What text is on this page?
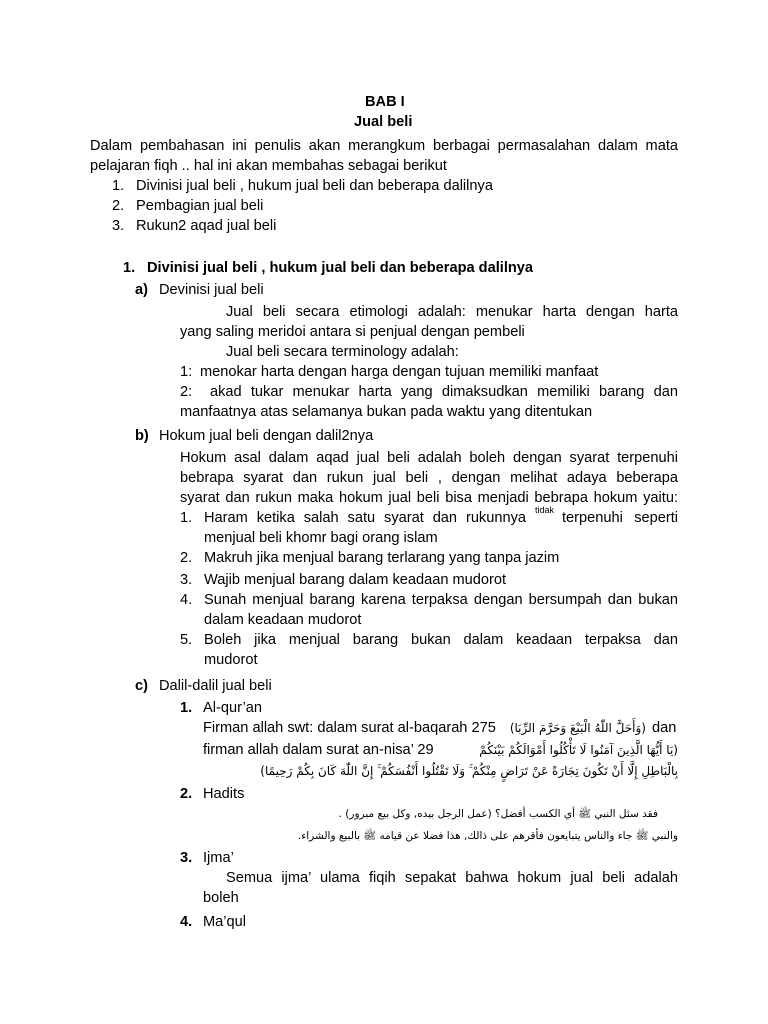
BAB I
Jual beli
Dalam pembahasan ini penulis akan merangkum berbagai permasalahan dalam mata
pelajaran fiqh .. hal ini akan membahas sebagai berikut
1. Divinisi jual beli , hukum jual beli dan beberapa dalilnya
2. Pembagian jual beli
3. Rukun2 aqad jual beli
1. Divinisi jual beli , hukum jual beli dan beberapa dalilnya
a) Devinisi jual beli
Jual beli secara etimologi adalah: menukar harta dengan harta
yang saling meridoi antara si penjual dengan pembeli
Jual beli secara terminology adalah:
1: menokar harta dengan harga dengan tujuan memiliki manfaat
2: akad tukar menukar harta yang dimaksudkan memiliki barang dan
manfaatnya atas selamanya bukan pada waktu yang ditentukan
b) Hokum jual beli dengan dalil2nya
Hokum asal dalam aqad jual beli adalah boleh dengan syarat terpenuhi
bebrapa syarat dan rukun jual beli , dengan melihat adaya beberapa
syarat dan rukun maka hokum jual beli bisa menjadi bebrapa hokum yaitu:
1. Haram ketika salah satu syarat dan rukunnya tidak terpenuhi seperti
menjual beli khomr bagi orang islam
2. Makruh jika menjual barang terlarang yang tanpa jazim
3. Wajib menjual barang dalam keadaan mudorot
4. Sunah menjual barang karena terpaksa dengan bersumpah dan bukan
dalam keadaan mudorot
5. Boleh jika menjual barang bukan dalam keadaan terpaksa dan
mudorot
c) Dalil-dalil jual beli
1. Al-qur’an
Firman allah swt: dalam surat al-baqarah 275 (وَأَحَلَّ اللّٰهُ الْبَيْعَ وَحَرَّمَ الرِّبَا) dan
firman allah dalam surat an-nisa’ 29	(يَا أَيُّهَا الَّذِينَ آمَنُوا لَا تَأْكُلُوا أَمْوَالَكُمْ بَيْنَكُمْ
بِالْبَاطِلِ إِلَّا أَنْ تَكُونَ تِجَارَةً عَنْ تَرَاضٍ مِنْكُمْ ۚ وَلَا تَقْتُلُوا أَنْفُسَكُمْ ۚ إِنَّ اللّٰهَ كَانَ بِكُمْ رَحِيمًا)
2. Hadits
فقد سئل النبي ﷺ أي الكسب أفضل؟ (عمل الرجل بيده, وكل بيع مبرور) .
والنبي ﷺ جاء والناس يتبايعون فأقرهم على ذالك, هذا فضلا عن قيامه ﷺ بالبيع والشراء.
3. Ijma’
Semua ijma’ ulama fiqih sepakat bahwa hokum jual beli adalah
boleh
4. Ma’qul
